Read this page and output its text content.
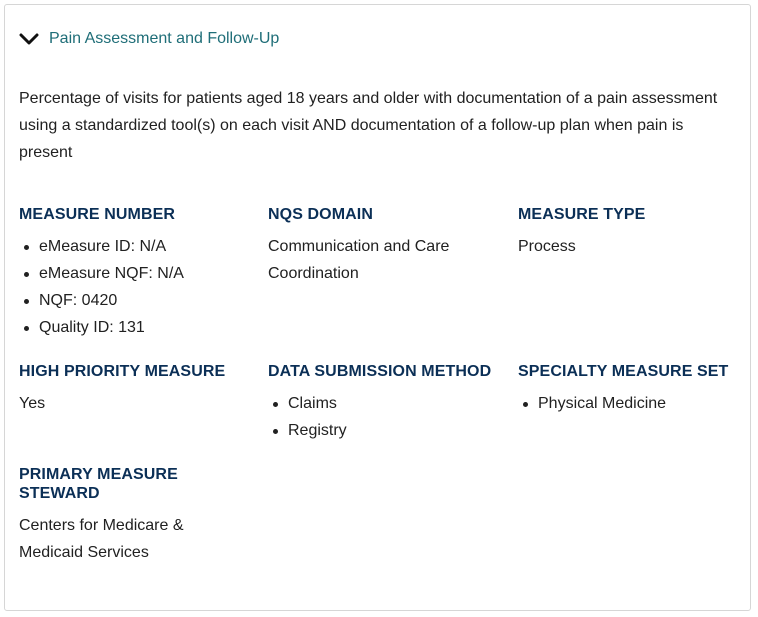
Pain Assessment and Follow-Up

Percentage of visits for patients aged 18 years and older with documentation of a pain assessment using a standardized tool(s) on each visit AND documentation of a follow-up plan when pain is present

MEASURE NUMBER

eMeasure ID: N/A
eMeasure NQF: N/A
NQF: 0420
Quality ID: 131

NQS DOMAIN

Communication and Care

Coordination

MEASURE TYPE

Process

HIGH PRIORITY MEASURE

Yes

DATA SUBMISSION METHOD

Claims
Registry

SPECIALTY MEASURE SET

Physical Medicine

PRIMARY MEASURE

STEWARD

Centers for Medicare &

Medicaid Services
